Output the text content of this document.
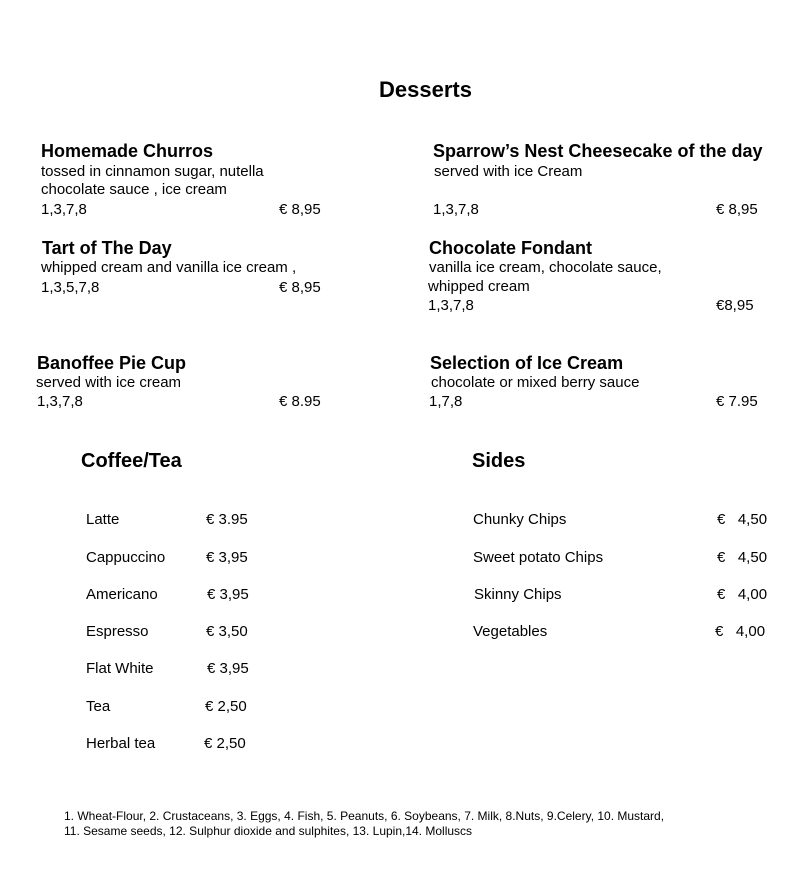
Desserts
Homemade Churros
tossed in cinnamon sugar, nutella
chocolate sauce , ice cream
1,3,7,8	€ 8,95
Sparrow’s Nest Cheesecake of the day
served with ice Cream
1,3,7,8	€ 8,95
Tart of The Day
whipped cream and vanilla ice cream ,
1,3,5,7,8	€ 8,95
Chocolate Fondant
vanilla ice cream, chocolate sauce,
whipped cream
1,3,7,8	€8,95
Banoffee Pie Cup
served with ice cream
1,3,7,8	€ 8.95
Selection of Ice Cream
chocolate or mixed berry sauce
1,7,8	€ 7.95
Coffee/Tea
Latte	€ 3.95
Cappuccino	€ 3,95
Americano	€ 3,95
Espresso	€ 3,50
Flat White	€ 3,95
Tea	€ 2,50
Herbal tea	€ 2,50
Sides
Chunky Chips	€   4,50
Sweet potato Chips	€   4,50
Skinny Chips	€   4,00
Vegetables	€   4,00
1. Wheat-Flour, 2. Crustaceans, 3. Eggs, 4. Fish, 5. Peanuts, 6. Soybeans, 7. Milk, 8.Nuts, 9.Celery, 10. Mustard,
11. Sesame seeds, 12. Sulphur dioxide and sulphites, 13. Lupin,14. Molluscs
